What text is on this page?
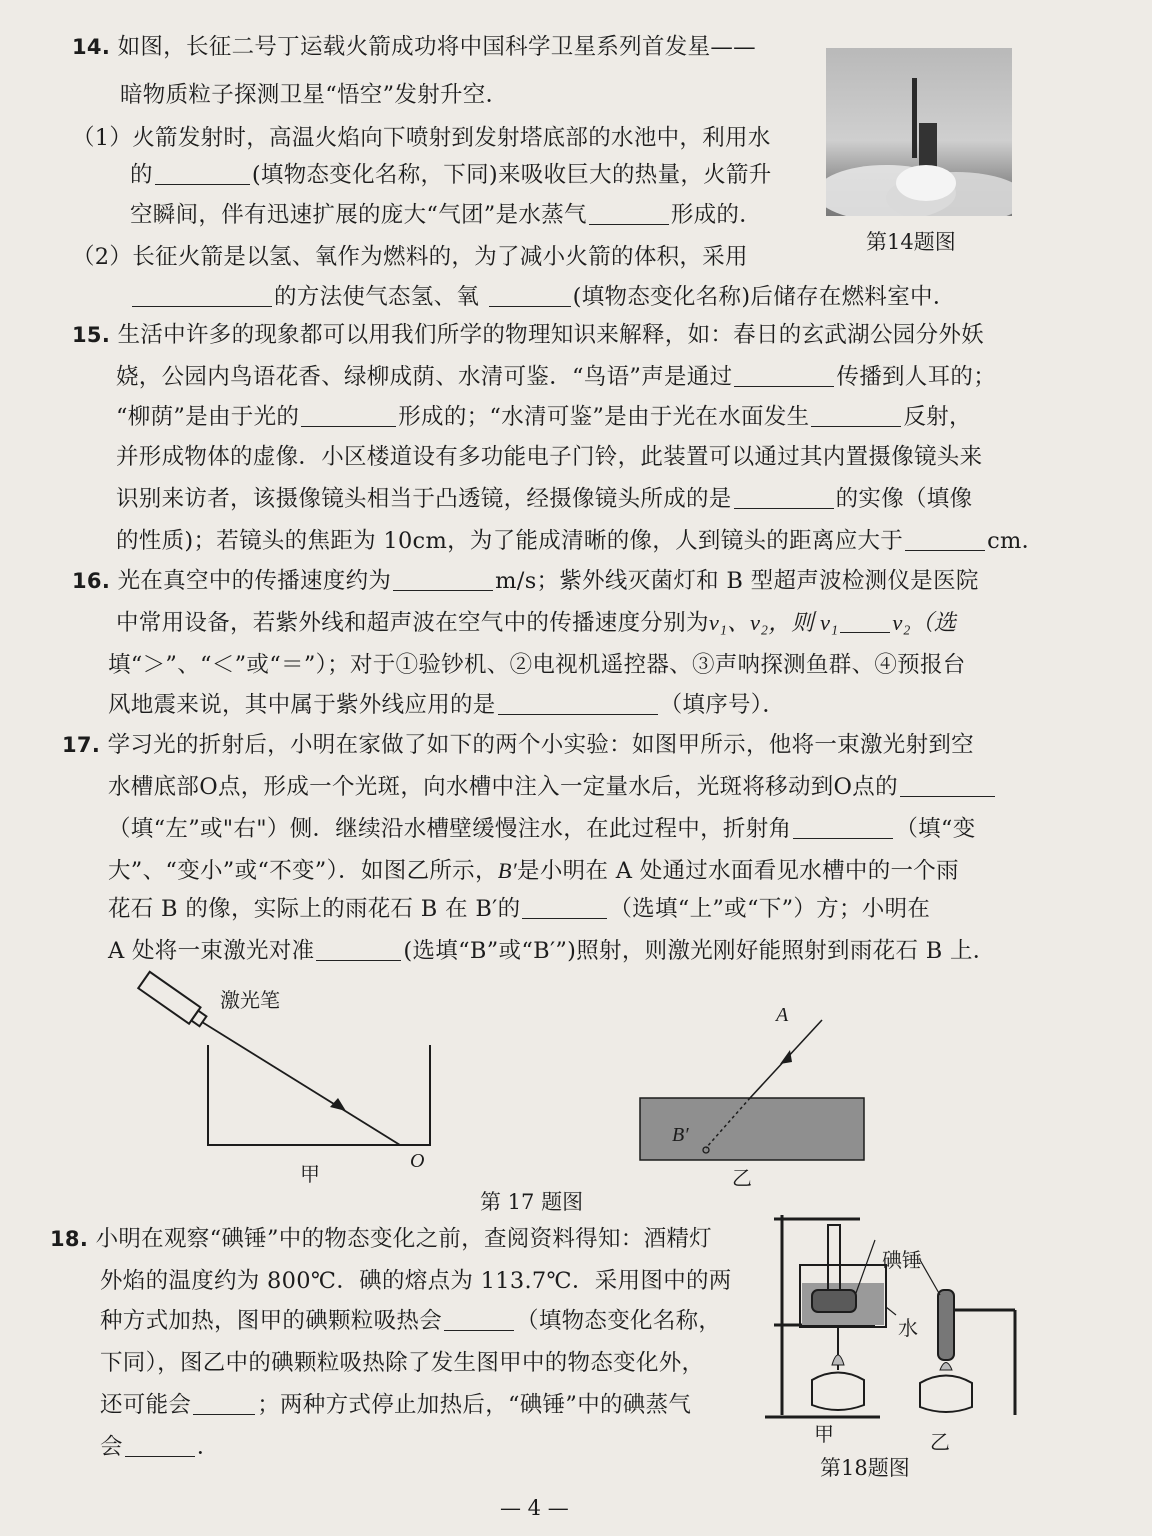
14. 如图，长征二号丁运载火箭成功将中国科学卫星系列首发星——
暗物质粒子探测卫星“悟空”发射升空．
（1）火箭发射时，高温火焰向下喷射到发射塔底部的水池中，利用水
的	(填物态变化名称，下同)来吸收巨大的热量，火箭升
空瞬间，伴有迅速扩展的庞大“气团”是水蒸气	形成的．
（2）长征火箭是以氢、氧作为燃料的，为了减小火箭的体积，采用
的方法使气态氢、氧	(填物态变化名称)后储存在燃料室中．
第14题图
15. 生活中许多的现象都可以用我们所学的物理知识来解释，如：春日的玄武湖公园分外妖
娆，公园内鸟语花香、绿柳成荫、水清可鉴．“鸟语”声是通过	传播到人耳的；
“柳荫”是由于光的	形成的；“水清可鉴”是由于光在水面发生	反射，
并形成物体的虚像．小区楼道设有多功能电子门铃，此装置可以通过其内置摄像镜头来
识别来访者，该摄像镜头相当于凸透镜，经摄像镜头所成的是	的实像（填像
的性质)；若镜头的焦距为 10cm，为了能成清晰的像，人到镜头的距离应大于	cm．
16. 光在真空中的传播速度约为	m/s；紫外线灭菌灯和 B 型超声波检测仪是医院
中常用设备，若紫外线和超声波在空气中的传播速度分别为v₁、v₂，则 v₁ v₂（选
填“＞”、“＜”或“＝”）；对于①验钞机、②电视机遥控器、③声呐探测鱼群、④预报台
风地震来说，其中属于紫外线应用的是	（填序号）．
17. 学习光的折射后，小明在家做了如下的两个小实验：如图甲所示，他将一束激光射到空
水槽底部O点，形成一个光斑，向水槽中注入一定量水后，光斑将移动到O点的
（填“左”或"右"）侧．继续沿水槽壁缓慢注水，在此过程中，折射角	（填“变
大”、“变小”或“不变”）．如图乙所示，B′是小明在 A 处通过水面看见水槽中的一个雨
花石 B 的像，实际上的雨花石 B 在 B′的	（选填“上”或“下”）方；小明在
A 处将一束激光对准	(选填“B”或“B′”)照射，则激光刚好能照射到雨花石 B 上．
激光笔
甲
O
A
B′
乙
第 17 题图
18. 小明在观察“碘锤”中的物态变化之前，查阅资料得知：酒精灯
外焰的温度约为 800℃．碘的熔点为 113.7℃．采用图中的两
种方式加热，图甲的碘颗粒吸热会	（填物态变化名称，
下同），图乙中的碘颗粒吸热除了发生图甲中的物态变化外，
还可能会	；两种方式停止加热后，“碘锤”中的碘蒸气
会	．
碘锤
水
甲	乙
第18题图
— 4 —
